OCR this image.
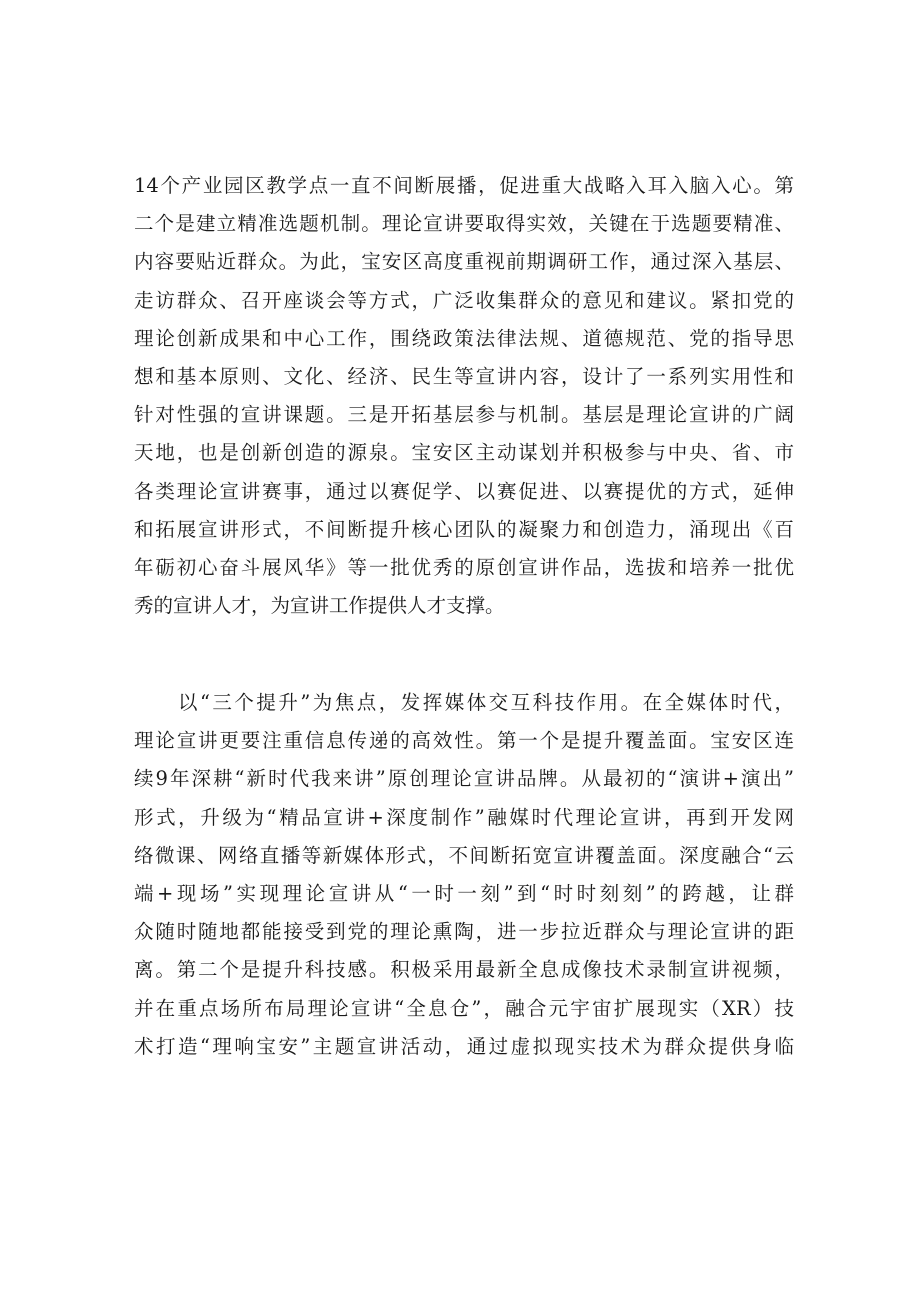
14个产业园区教学点一直不间断展播，促进重大战略入耳入脑入心。第
二个是建立精准选题机制。理论宣讲要取得实效，关键在于选题要精准、
内容要贴近群众。为此，宝安区高度重视前期调研工作，通过深入基层、
走访群众、召开座谈会等方式，广泛收集群众的意见和建议。紧扣党的
理论创新成果和中心工作，围绕政策法律法规、道德规范、党的指导思
想和基本原则、文化、经济、民生等宣讲内容，设计了一系列实用性和
针对性强的宣讲课题。三是开拓基层参与机制。基层是理论宣讲的广阔
天地，也是创新创造的源泉。宝安区主动谋划并积极参与中央、省、市
各类理论宣讲赛事，通过以赛促学、以赛促进、以赛提优的方式，延伸
和拓展宣讲形式，不间断提升核心团队的凝聚力和创造力，涌现出《百
年砺初心奋斗展风华》等一批优秀的原创宣讲作品，选拔和培养一批优
秀的宣讲人才，为宣讲工作提供人才支撑。
　　以“三个提升”为焦点，发挥媒体交互科技作用。在全媒体时代，
理论宣讲更要注重信息传递的高效性。第一个是提升覆盖面。宝安区连
续9年深耕“新时代我来讲”原创理论宣讲品牌。从最初的“演讲+演出”
形式，升级为“精品宣讲+深度制作”融媒时代理论宣讲，再到开发网
络微课、网络直播等新媒体形式，不间断拓宽宣讲覆盖面。深度融合“云
端+现场”实现理论宣讲从“一时一刻”到“时时刻刻”的跨越，让群
众随时随地都能接受到党的理论熏陶，进一步拉近群众与理论宣讲的距
离。第二个是提升科技感。积极采用最新全息成像技术录制宣讲视频，
并在重点场所布局理论宣讲“全息仓”，融合元宇宙扩展现实（XR）技
术打造“理响宝安”主题宣讲活动，通过虚拟现实技术为群众提供身临
